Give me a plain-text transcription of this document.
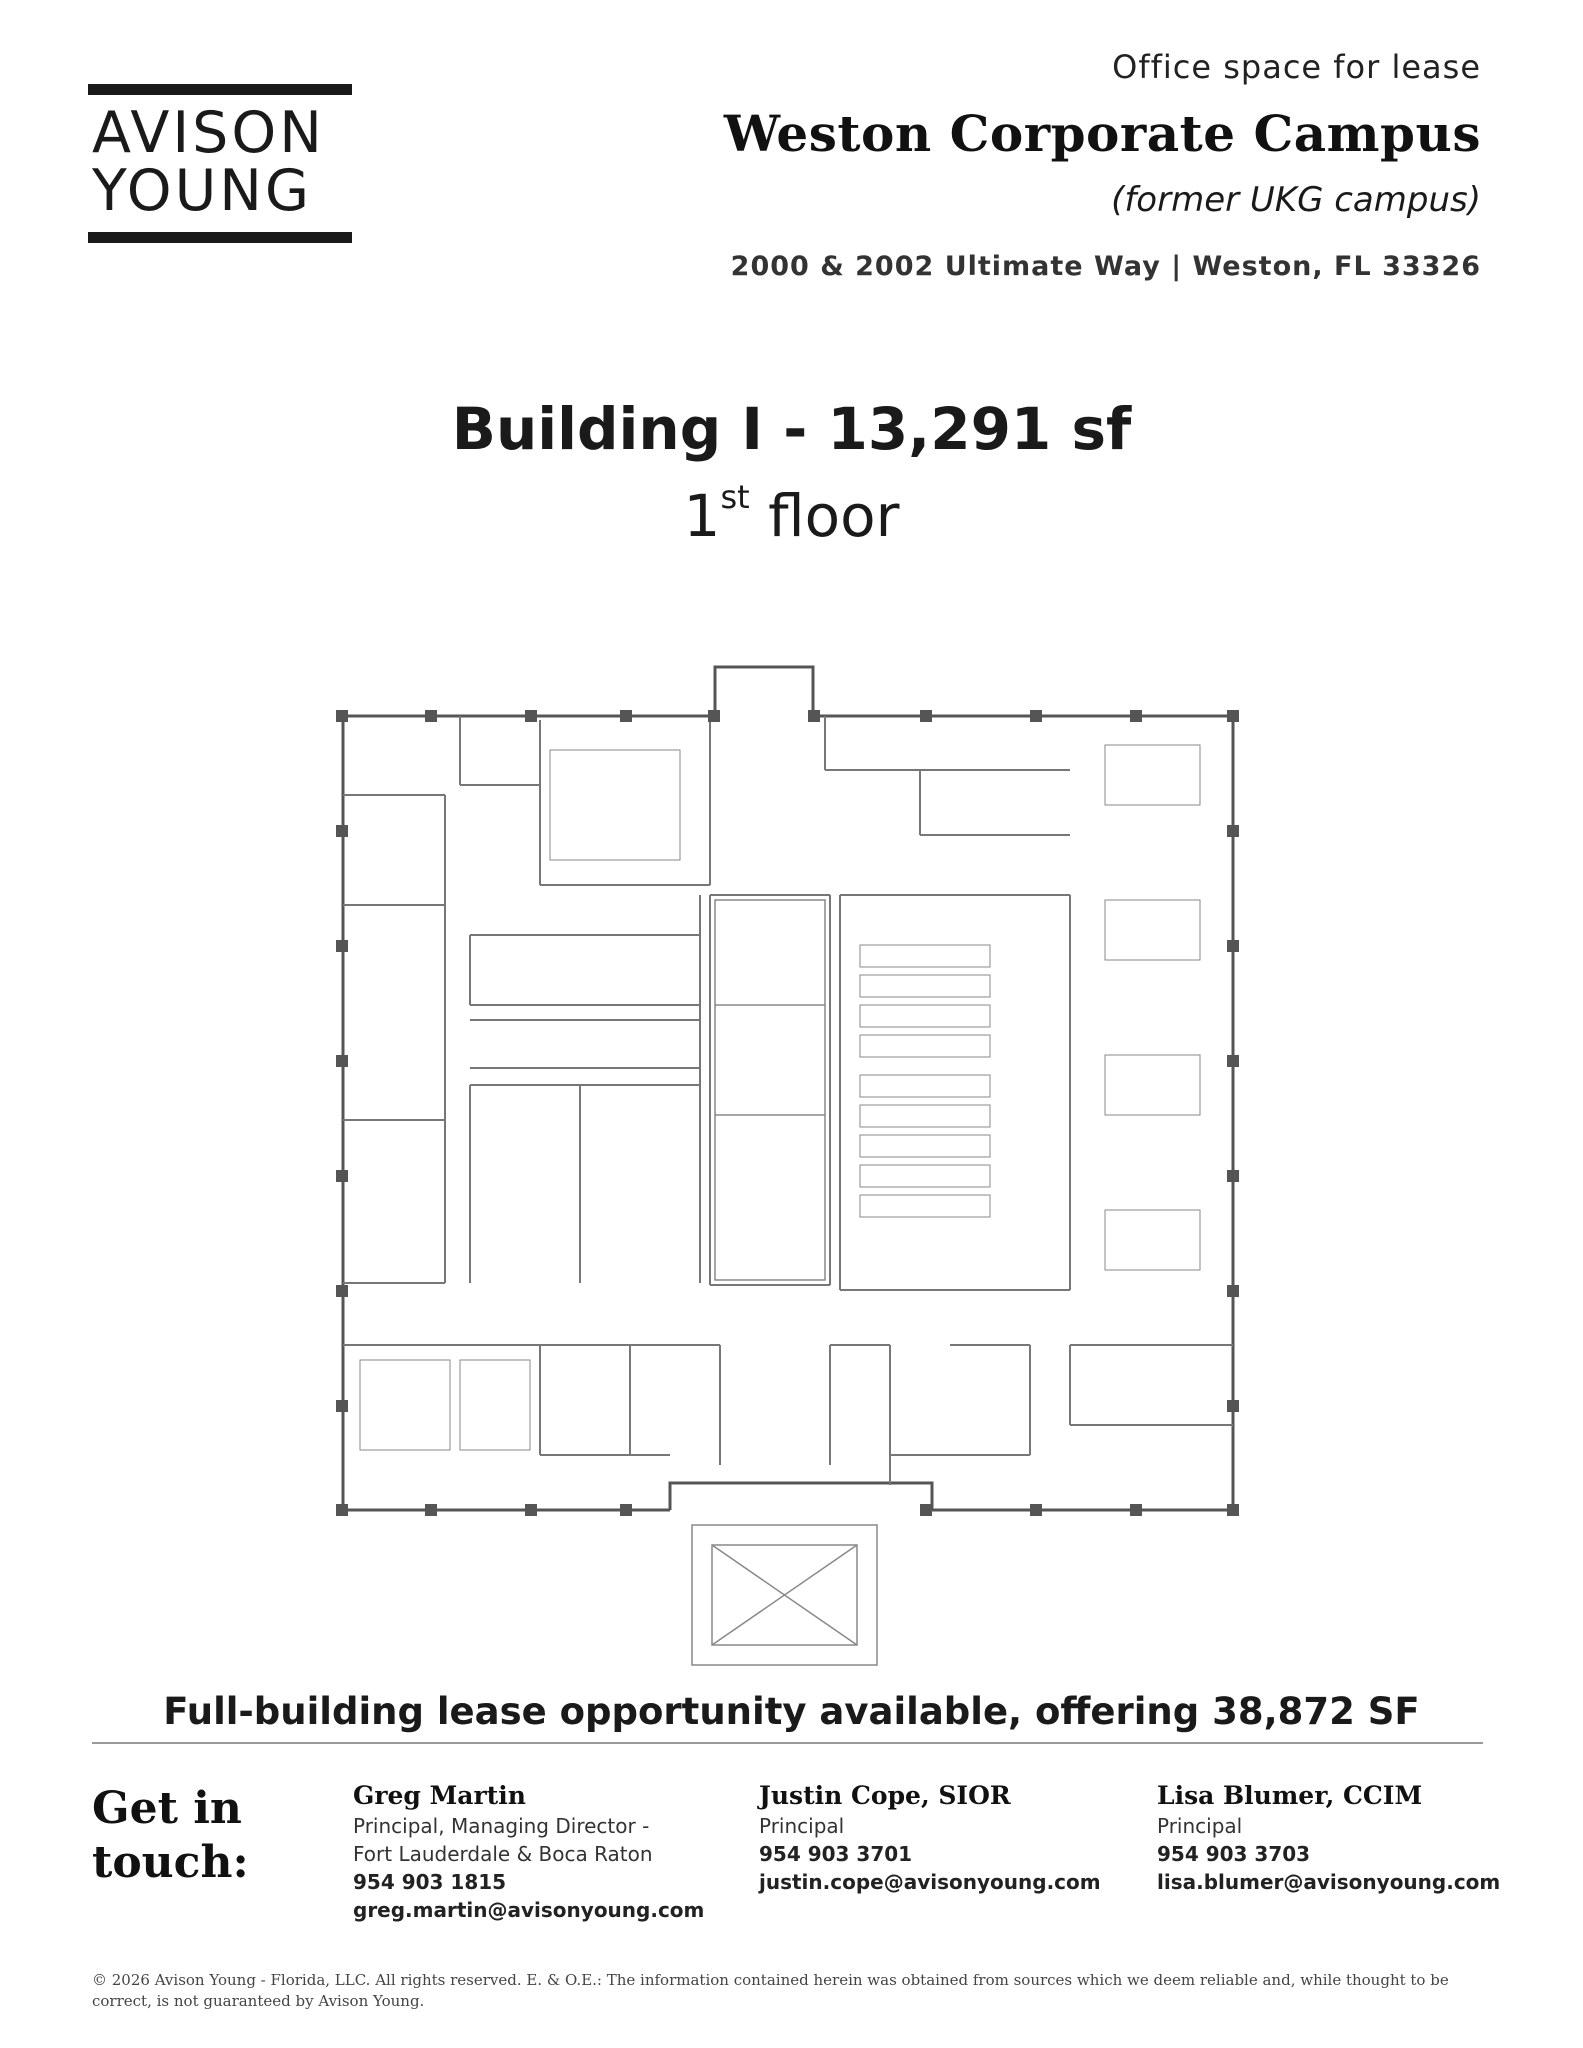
AVISON
YOUNG
Office space for lease
Weston Corporate Campus
(former UKG campus)
2000 & 2002 Ultimate Way | Weston, FL 33326
Building I - 13,291 sf
1st floor
Full-building lease opportunity available, offering 38,872 SF
Get in
touch:
Greg Martin
Principal, Managing Director -
Fort Lauderdale & Boca Raton
954 903 1815
greg.martin@avisonyoung.com
Justin Cope, SIOR
Principal
954 903 3701
justin.cope@avisonyoung.com
Lisa Blumer, CCIM
Principal
954 903 3703
lisa.blumer@avisonyoung.com
© 2026 Avison Young - Florida, LLC. All rights reserved. E. & O.E.: The information contained herein was obtained from sources which we deem reliable and, while thought to be correct, is not guaranteed by Avison Young.
